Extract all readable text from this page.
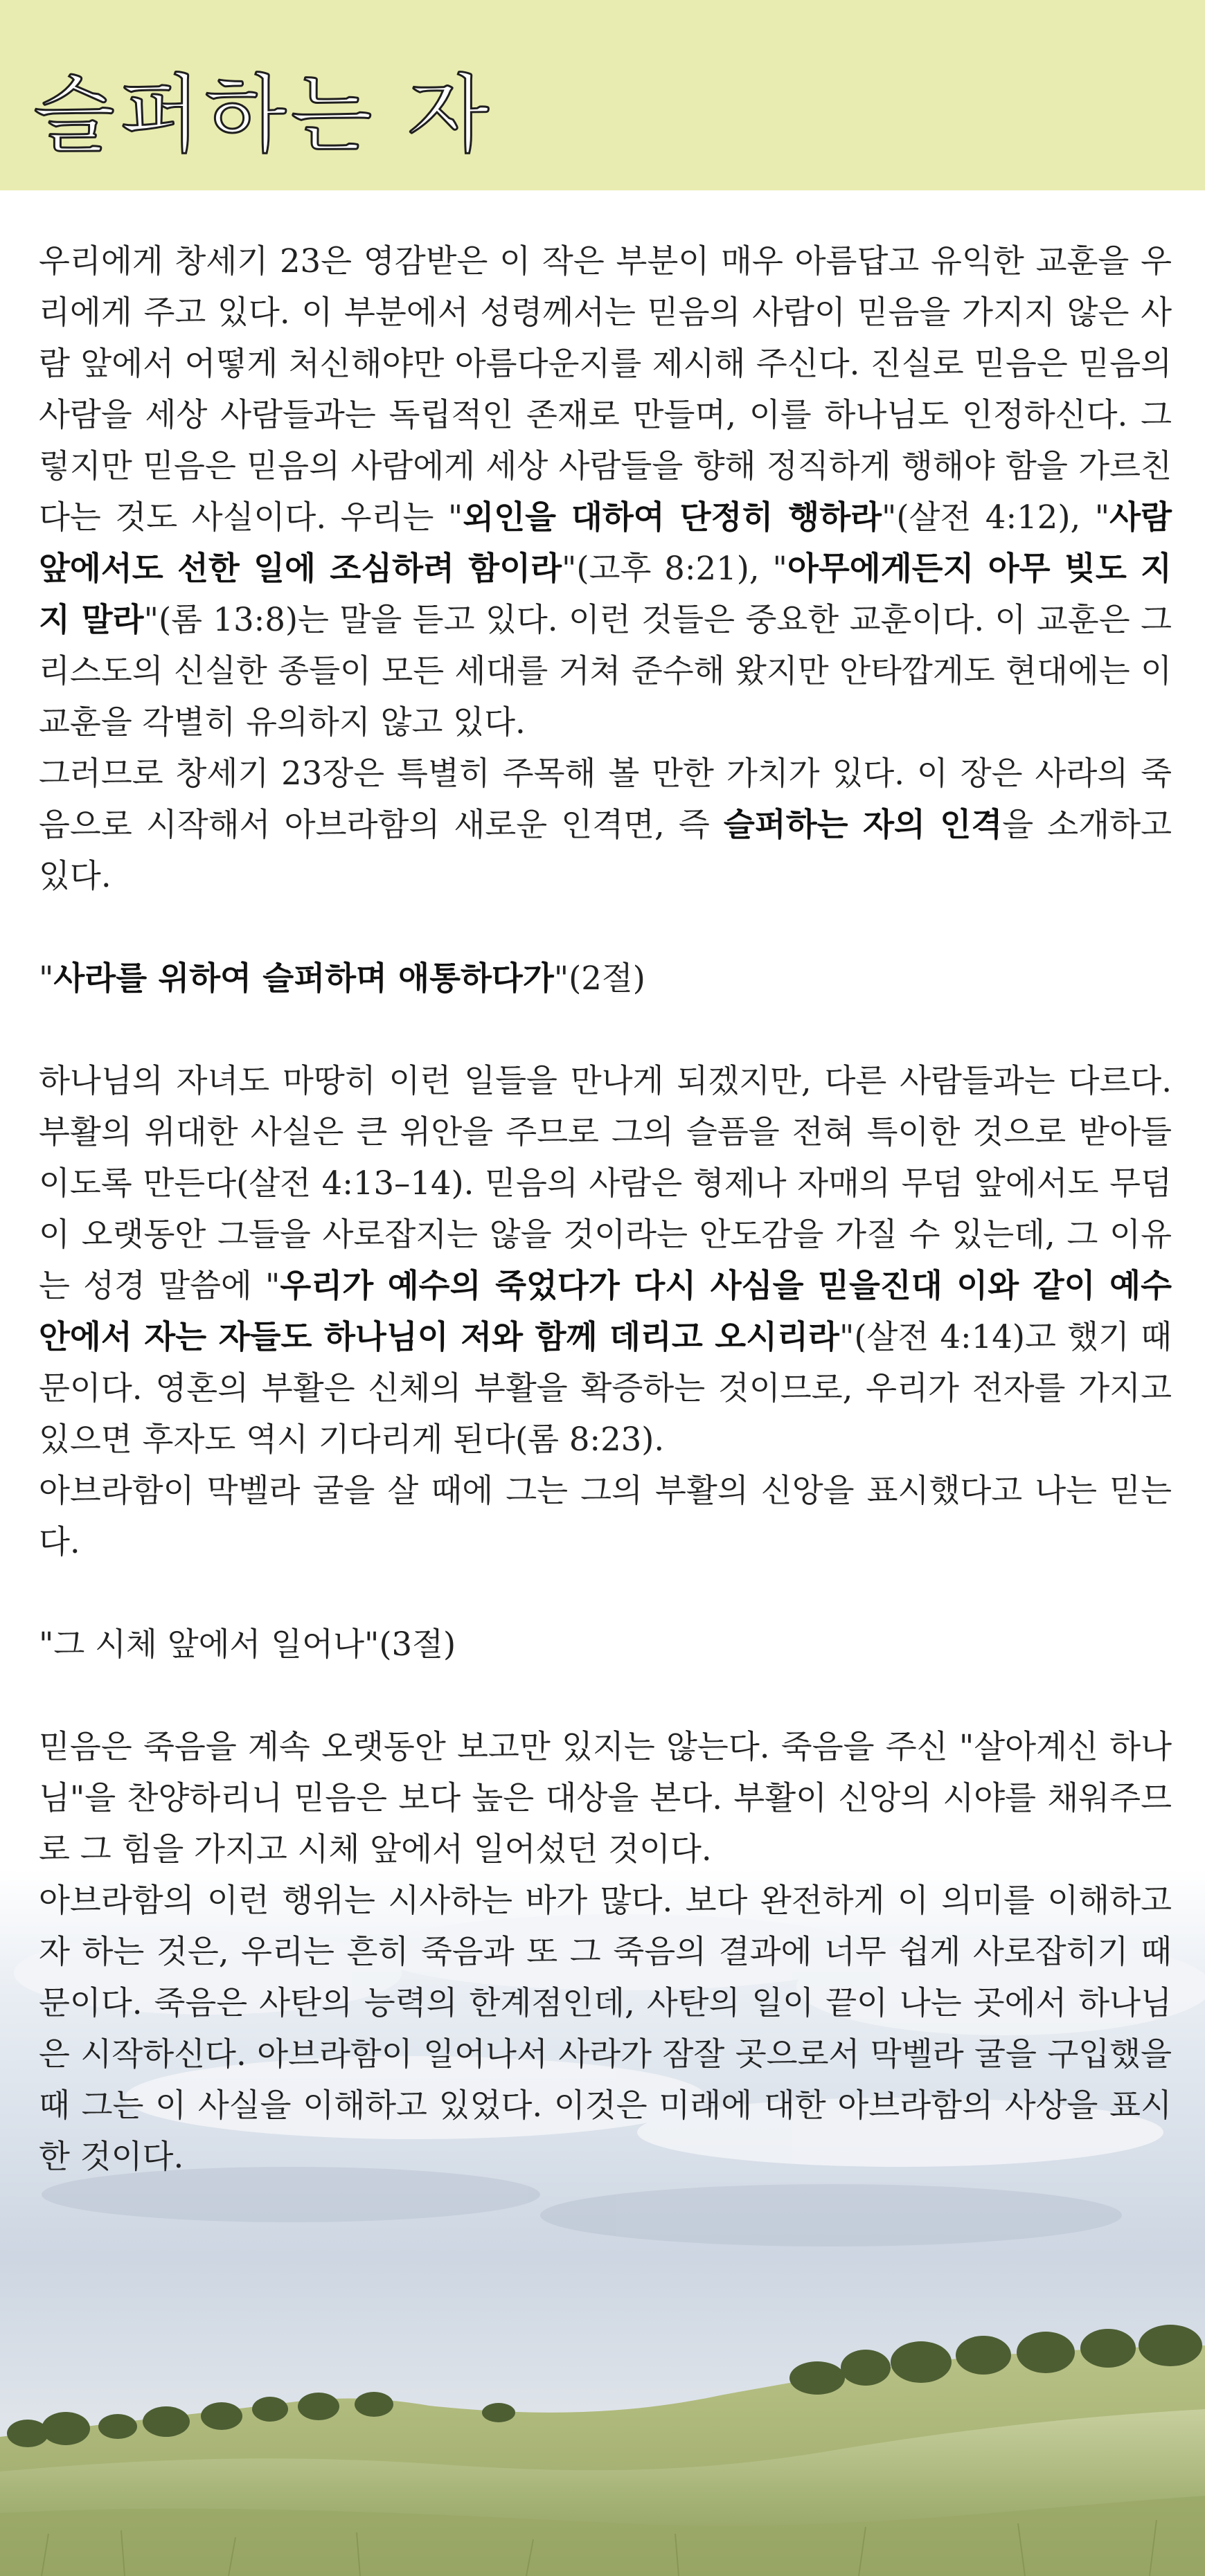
슬퍼하는 자

우리에게 창세기 23은 영감받은 이 작은 부분이 매우 아름답고 유익한 교훈을 우리에게 주고 있다. 이 부분에서 성령께서는 믿음의 사람이 믿음을 가지지 않은 사람 앞에서 어떻게 처신해야만 아름다운지를 제시해 주신다. 진실로 믿음은 믿음의 사람을 세상 사람들과는 독립적인 존재로 만들며, 이를 하나님도 인정하신다. 그렇지만 믿음은 믿음의 사람에게 세상 사람들을 향해 정직하게 행해야 함을 가르친다는 것도 사실이다. 우리는 "외인을 대하여 단정히 행하라"(살전 4:12), "사람 앞에서도 선한 일에 조심하려 함이라"(고후 8:21), "아무에게든지 아무 빚도 지지 말라"(롬 13:8)는 말을 듣고 있다. 이런 것들은 중요한 교훈이다. 이 교훈은 그리스도의 신실한 종들이 모든 세대를 거쳐 준수해 왔지만 안타깝게도 현대에는 이 교훈을 각별히 유의하지 않고 있다.

그러므로 창세기 23장은 특별히 주목해 볼 만한 가치가 있다. 이 장은 사라의 죽음으로 시작해서 아브라함의 새로운 인격면, 즉 슬퍼하는 자의 인격을 소개하고 있다.

"사라를 위하여 슬퍼하며 애통하다가"(2절)

하나님의 자녀도 마땅히 이런 일들을 만나게 되겠지만, 다른 사람들과는 다르다. 부활의 위대한 사실은 큰 위안을 주므로 그의 슬픔을 전혀 특이한 것으로 받아들이도록 만든다(살전 4:13–14). 믿음의 사람은 형제나 자매의 무덤 앞에서도 무덤이 오랫동안 그들을 사로잡지는 않을 것이라는 안도감을 가질 수 있는데, 그 이유는 성경 말씀에 "우리가 예수의 죽었다가 다시 사심을 믿을진대 이와 같이 예수 안에서 자는 자들도 하나님이 저와 함께 데리고 오시리라"(살전 4:14)고 했기 때문이다. 영혼의 부활은 신체의 부활을 확증하는 것이므로, 우리가 전자를 가지고 있으면 후자도 역시 기다리게 된다(롬 8:23).

아브라함이 막벨라 굴을 살 때에 그는 그의 부활의 신앙을 표시했다고 나는 믿는다.

"그 시체 앞에서 일어나"(3절)

믿음은 죽음을 계속 오랫동안 보고만 있지는 않는다. 죽음을 주신 "살아계신 하나님"을 찬양하리니 믿음은 보다 높은 대상을 본다. 부활이 신앙의 시야를 채워주므로 그 힘을 가지고 시체 앞에서 일어섰던 것이다.

아브라함의 이런 행위는 시사하는 바가 많다. 보다 완전하게 이 의미를 이해하고자 하는 것은, 우리는 흔히 죽음과 또 그 죽음의 결과에 너무 쉽게 사로잡히기 때문이다. 죽음은 사탄의 능력의 한계점인데, 사탄의 일이 끝이 나는 곳에서 하나님은 시작하신다. 아브라함이 일어나서 사라가 잠잘 곳으로서 막벨라 굴을 구입했을 때 그는 이 사실을 이해하고 있었다. 이것은 미래에 대한 아브라함의 사상을 표시한 것이다.
